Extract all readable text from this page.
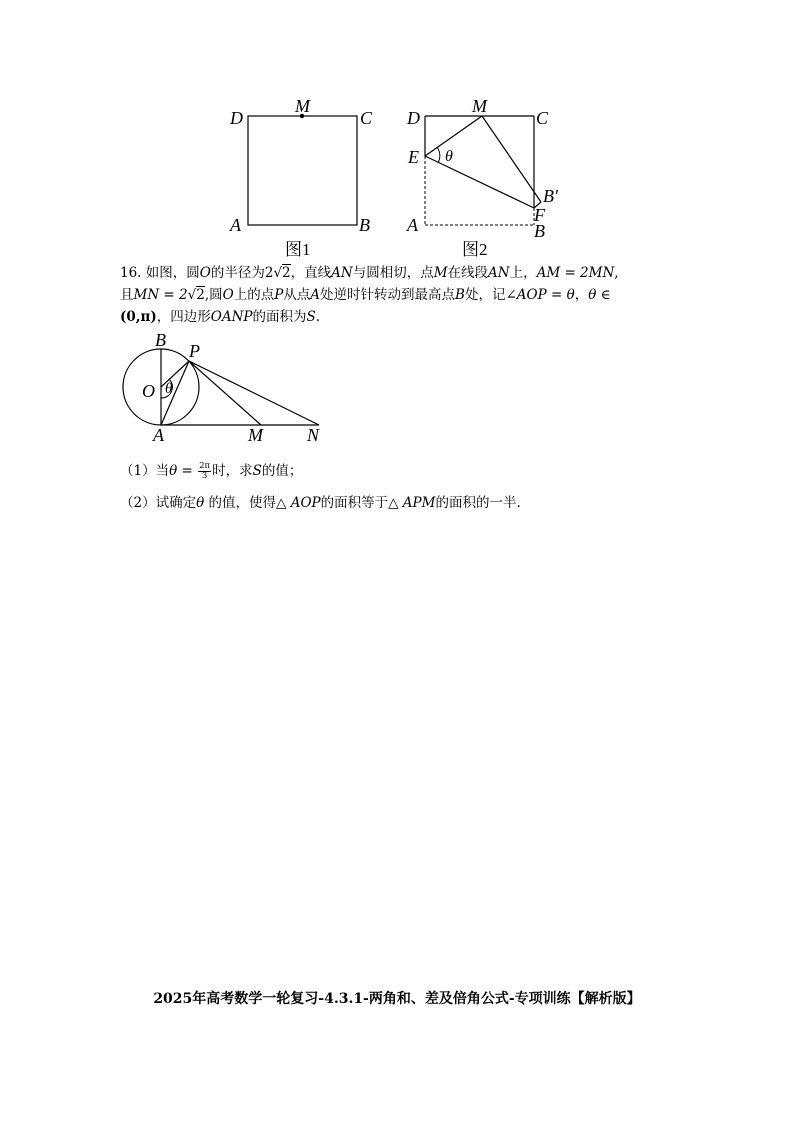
D
M
C
A	B
图1
D
M
C
E θ
B′
F
A	B
图2
16. 如图，圆O的半径为2√2，直线AN与圆相切，点M在线段AN上，AM = 2MN,
且MN = 2√2,圆O上的点P从点A处逆时针转动到最高点B处，记∠AOP = θ，θ ∈
(0,π)，四边形OANP的面积为S.
B
P
O θ
A	M N
（1）当$\theta = \frac{2\pi}{3}$ 时，求S的值；
（2）试确定θ 的值，使得△ AOP的面积等于△ APM的面积的一半.
2025年高考数学一轮复习-4.3.1-两角和、差及倍角公式-专项训练【解析版】
